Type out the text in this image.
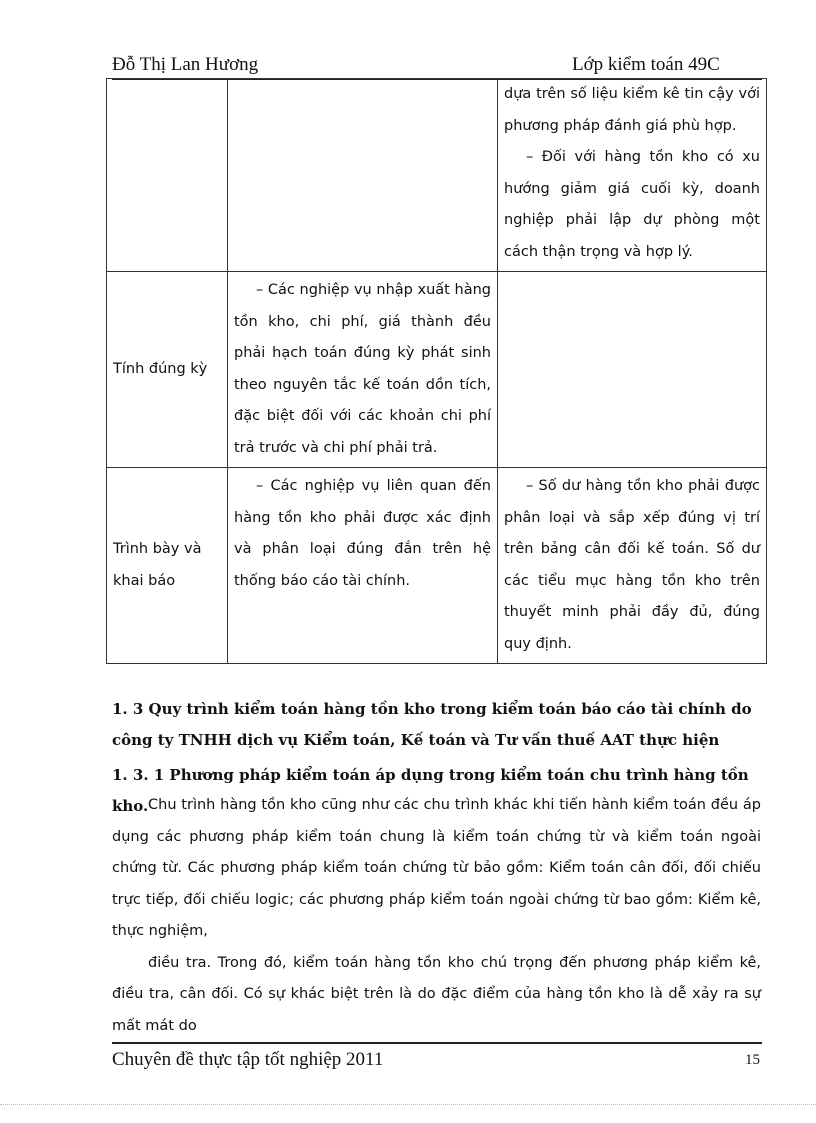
Đỗ Thị Lan Hương	Lớp kiểm toán 49C

		dựa trên số liệu kiểm kê tin cậy với phương pháp đánh giá phù hợp.

– Đối với hàng tồn kho có xu hướng giảm giá cuối kỳ, doanh nghiệp phải lập dự phòng một cách thận trọng và hợp lý.

Tính đúng kỳ	– Các nghiệp vụ nhập xuất hàng tồn kho, chi phí, giá thành đều phải hạch toán đúng kỳ phát sinh theo nguyên tắc kế toán dồn tích, đặc biệt đối với các khoản chi phí trả trước và chi phí phải trả.	

Trình bày và khai báo	– Các nghiệp vụ liên quan đến hàng tồn kho phải được xác định và phân loại đúng đắn trên hệ thống báo cáo tài chính.	– Số dư hàng tồn kho phải được phân loại và sắp xếp đúng vị trí trên bảng cân đối kế toán. Số dư các tiểu mục hàng tồn kho trên thuyết minh phải đầy đủ, đúng quy định.

1. 3 Quy trình kiểm toán hàng tồn kho trong kiểm toán báo cáo tài chính do công ty TNHH dịch vụ Kiểm toán, Kế toán và Tư vấn thuế AAT thực hiện
1. 3. 1 Phương pháp kiểm toán áp dụng trong kiểm toán chu trình hàng tồn kho. Chu trình hàng tồn kho cũng như các chu trình khác khi tiến hành kiểm toán đều áp dụng các phương pháp kiểm toán chung là kiểm toán chứng từ và kiểm toán ngoài chứng từ. Các phương pháp kiểm toán chứng từ bảo gồm: Kiểm toán cân đối, đối chiếu trực tiếp, đối chiếu logic; các phương pháp kiểm toán ngoài chứng từ bao gồm: Kiểm kê, thực nghiệm,

điều tra. Trong đó, kiểm toán hàng tồn kho chú trọng đến phương pháp kiểm kê, điều tra, cân đối. Có sự khác biệt trên là do đặc điểm của hàng tồn kho là dễ xảy ra sự mất mát do

Chuyên đề thực tập tốt nghiệp 2011	15
